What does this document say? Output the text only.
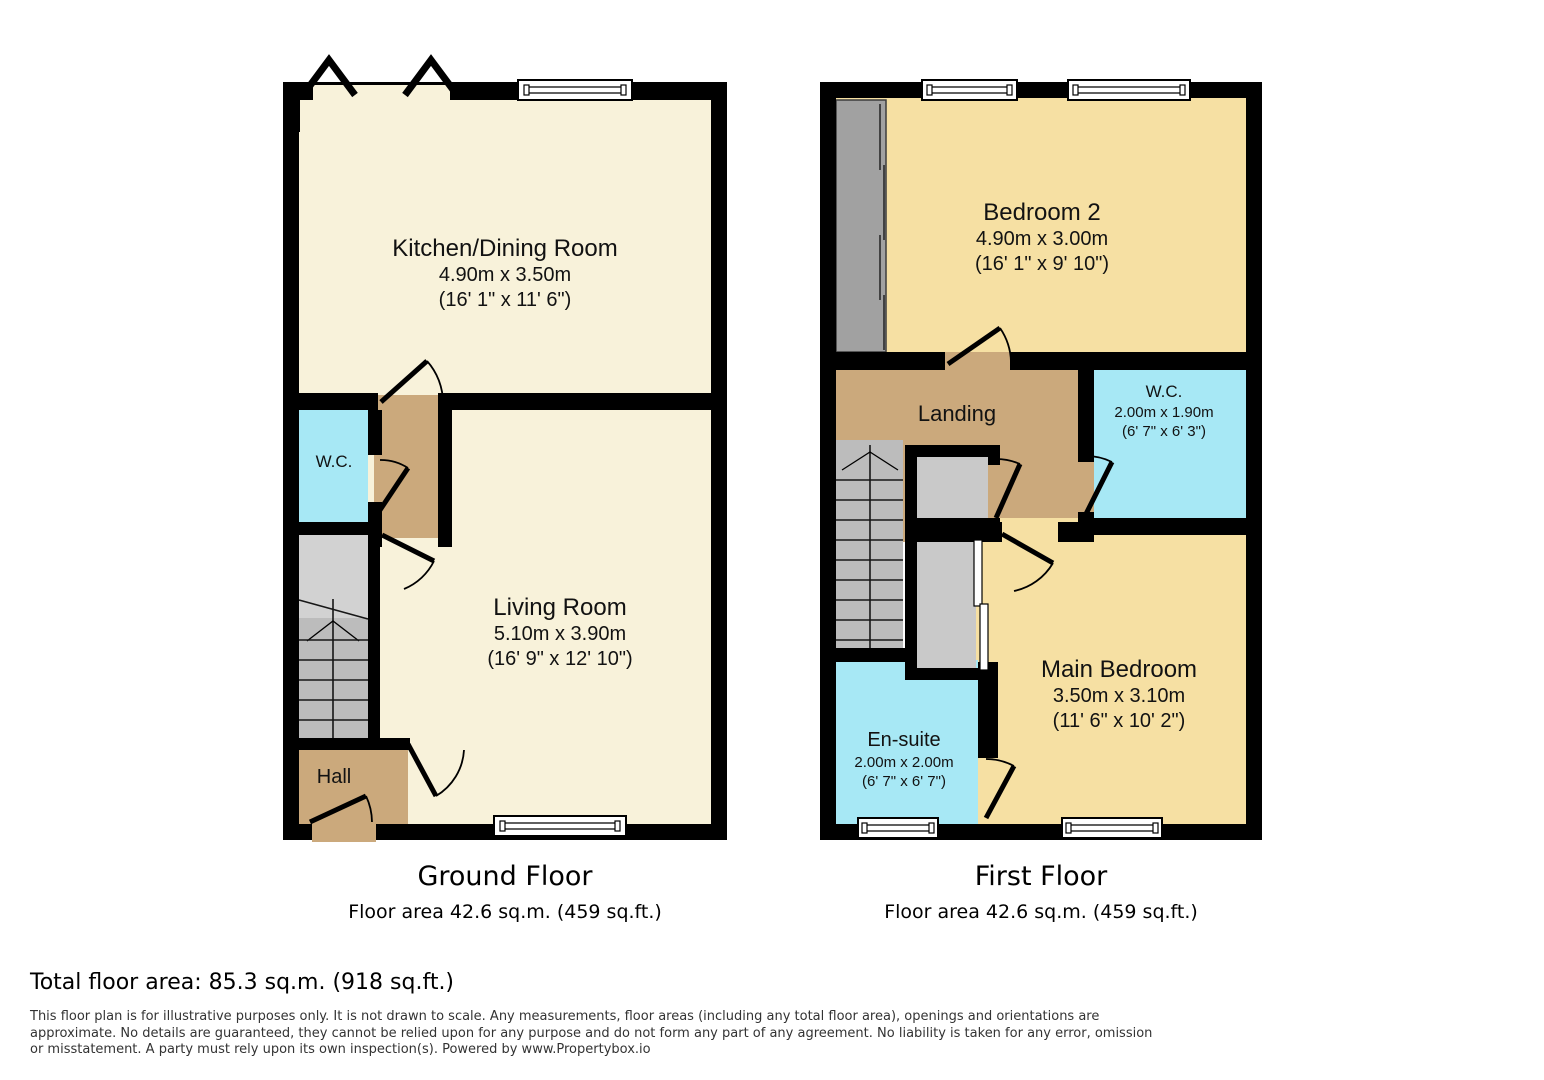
Kitchen/Dining Room
4.90m x 3.50m
(16' 1" x 11' 6")
W.C.
Living Room
5.10m x 3.90m
(16' 9" x 12' 10")
Hall
Bedroom 2
4.90m x 3.00m
(16' 1" x 9' 10")
Landing
W.C.
2.00m x 1.90m
(6' 7" x 6' 3")
Main Bedroom
3.50m x 3.10m
(11' 6" x 10' 2")
En-suite
2.00m x 2.00m
(6' 7" x 6' 7")
Ground Floor
Floor area 42.6 sq.m. (459 sq.ft.)
First Floor
Floor area 42.6 sq.m. (459 sq.ft.)
Total floor area: 85.3 sq.m. (918 sq.ft.)
This floor plan is for illustrative purposes only. It is not drawn to scale. Any measurements, floor areas (including any total floor area), openings and orientations are approximate. No details are guaranteed, they cannot be relied upon for any purpose and do not form any part of any agreement. No liability is taken for any error, omission or misstatement. A party must rely upon its own inspection(s). Powered by www.Propertybox.io
